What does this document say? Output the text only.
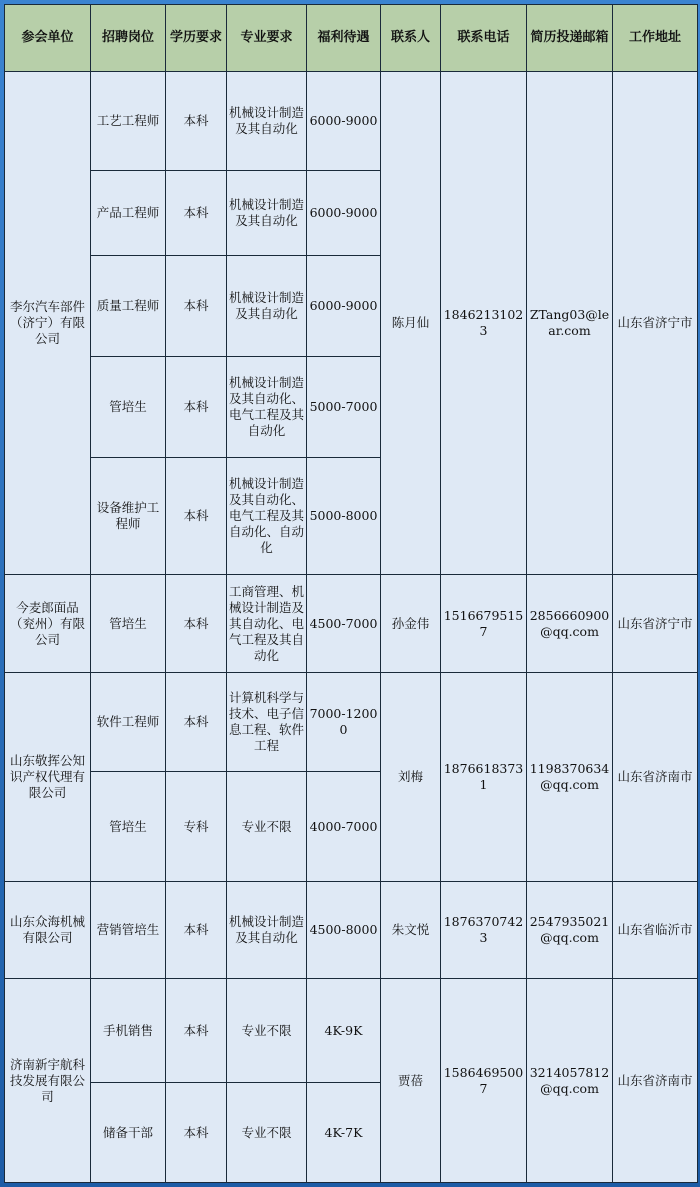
参会单位	招聘岗位	学历要求	专业要求	福利待遇	联系人	联系电话	简历投递邮箱	工作地址
李尔汽车部件（济宁）有限公司	工艺工程师	本科	机械设计制造及其自动化	6000-9000	陈月仙	18462131023	ZTang03@lear.com	山东省济宁市
	产品工程师	本科	机械设计制造及其自动化	6000-9000				
	质量工程师	本科	机械设计制造及其自动化	6000-9000				
	管培生	本科	机械设计制造及其自动化、电气工程及其自动化	5000-7000				
	设备维护工程师	本科	机械设计制造及其自动化、电气工程及其自动化、自动化	5000-8000				
今麦郎面品（兖州）有限公司	管培生	本科	工商管理、机械设计制造及其自动化、电气工程及其自动化	4500-7000	孙金伟	15166795157	2856660900@qq.com	山东省济宁市
山东敬挥公知识产权代理有限公司	软件工程师	本科	计算机科学与技术、电子信息工程、软件工程	7000-12000	刘梅	18766183731	1198370634@qq.com	山东省济南市
	管培生	专科	专业不限	4000-7000				
山东众海机械有限公司	营销管培生	本科	机械设计制造及其自动化	4500-8000	朱文悦	18763707423	2547935021@qq.com	山东省临沂市
济南新宇航科技发展有限公司	手机销售	本科	专业不限	4K-9K	贾蓓	15864695007	3214057812@qq.com	山东省济南市
	储备干部	本科	专业不限	4K-7K				
